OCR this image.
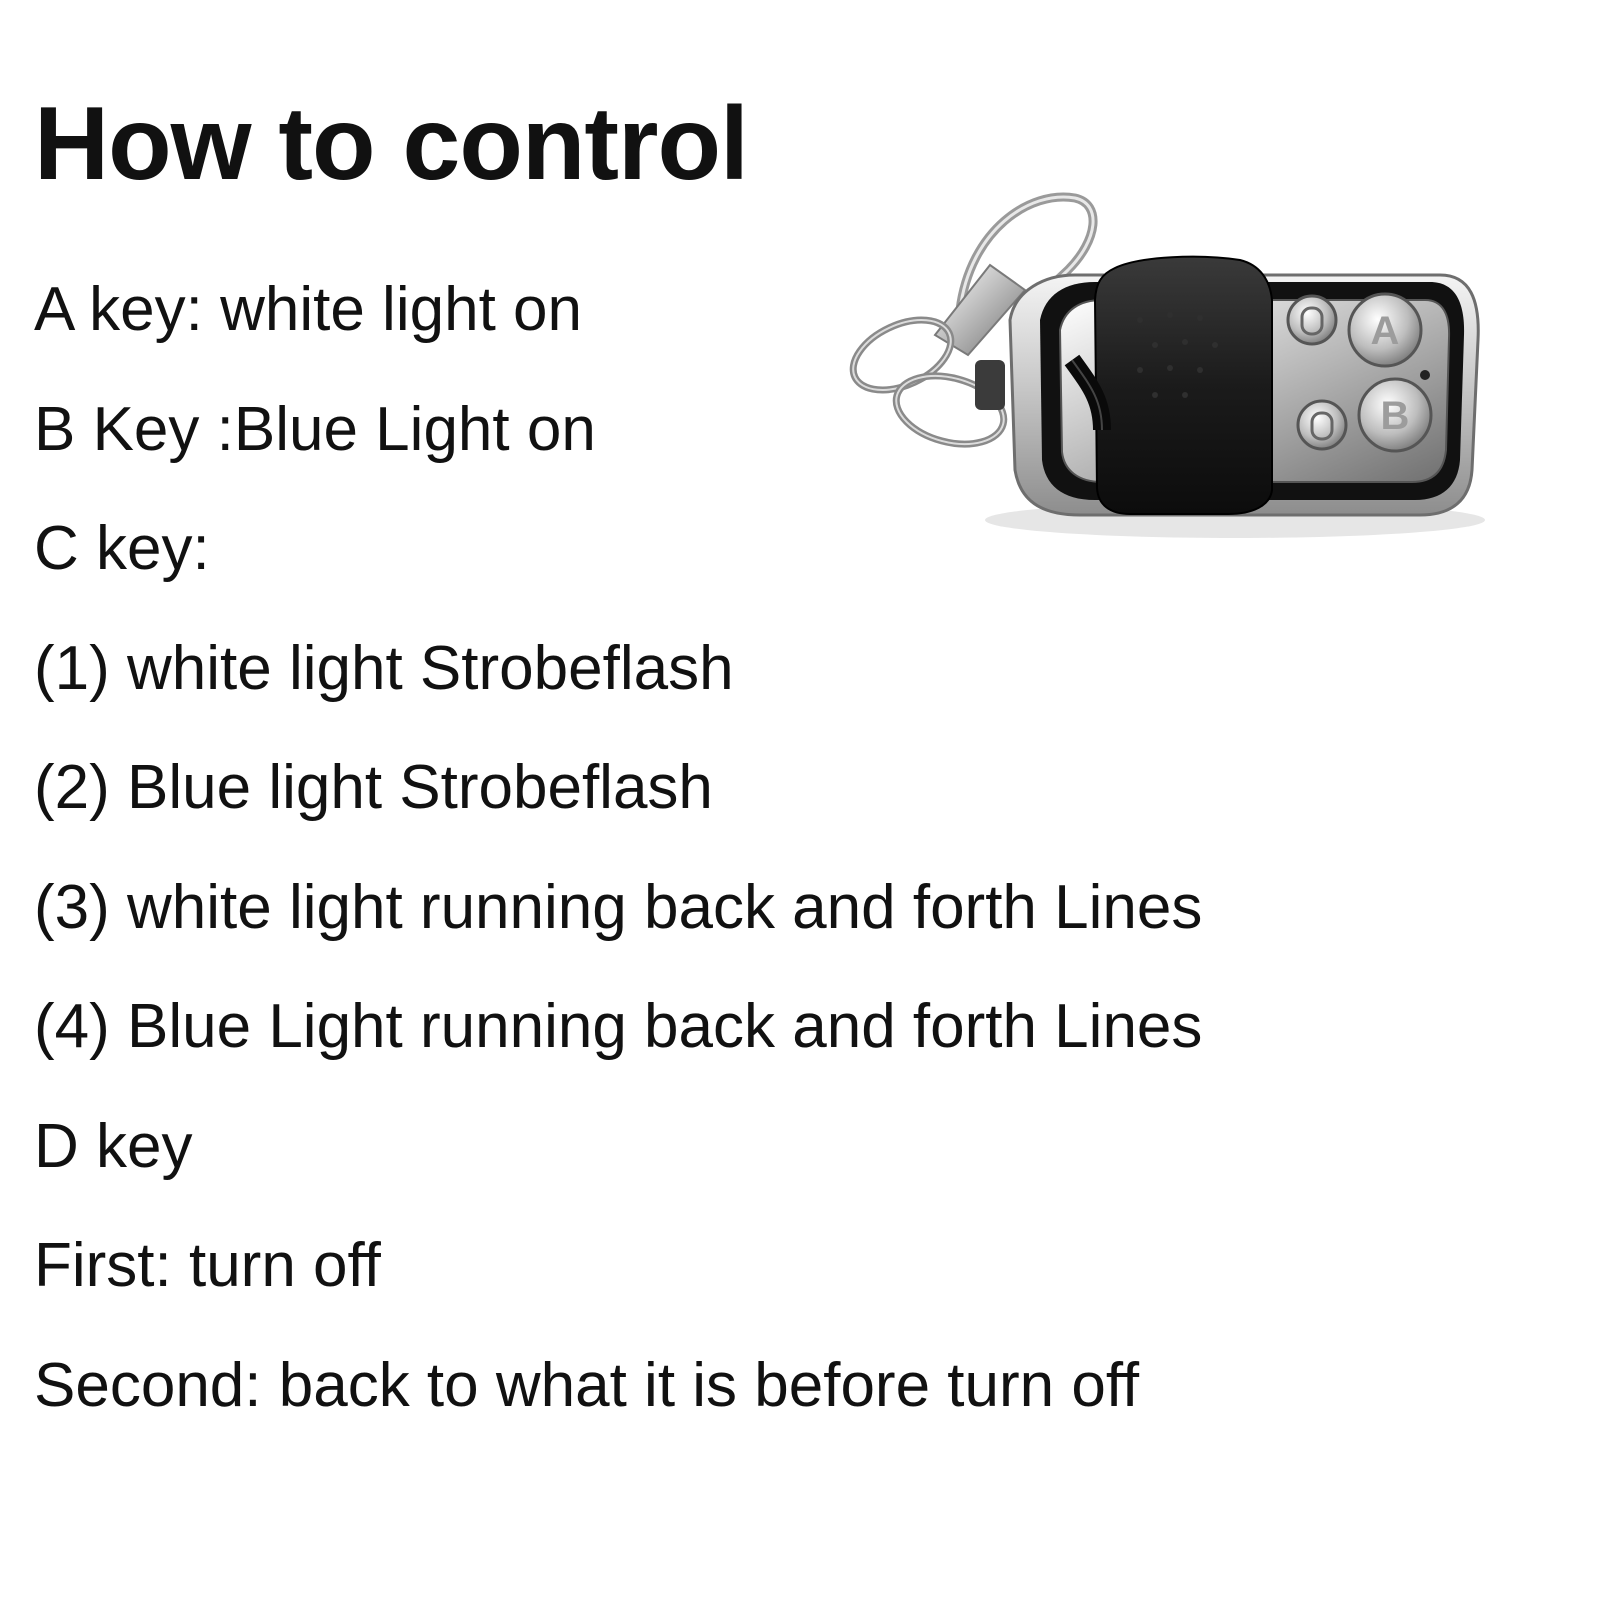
How to control
A key: white light on
B Key :Blue Light on
C key:
(1) white light Strobeflash
(2) Blue light Strobeflash
(3) white light running back and forth Lines
(4) Blue Light running back and forth Lines
D key
First: turn off
Second: back to what it is before turn off
A
B
